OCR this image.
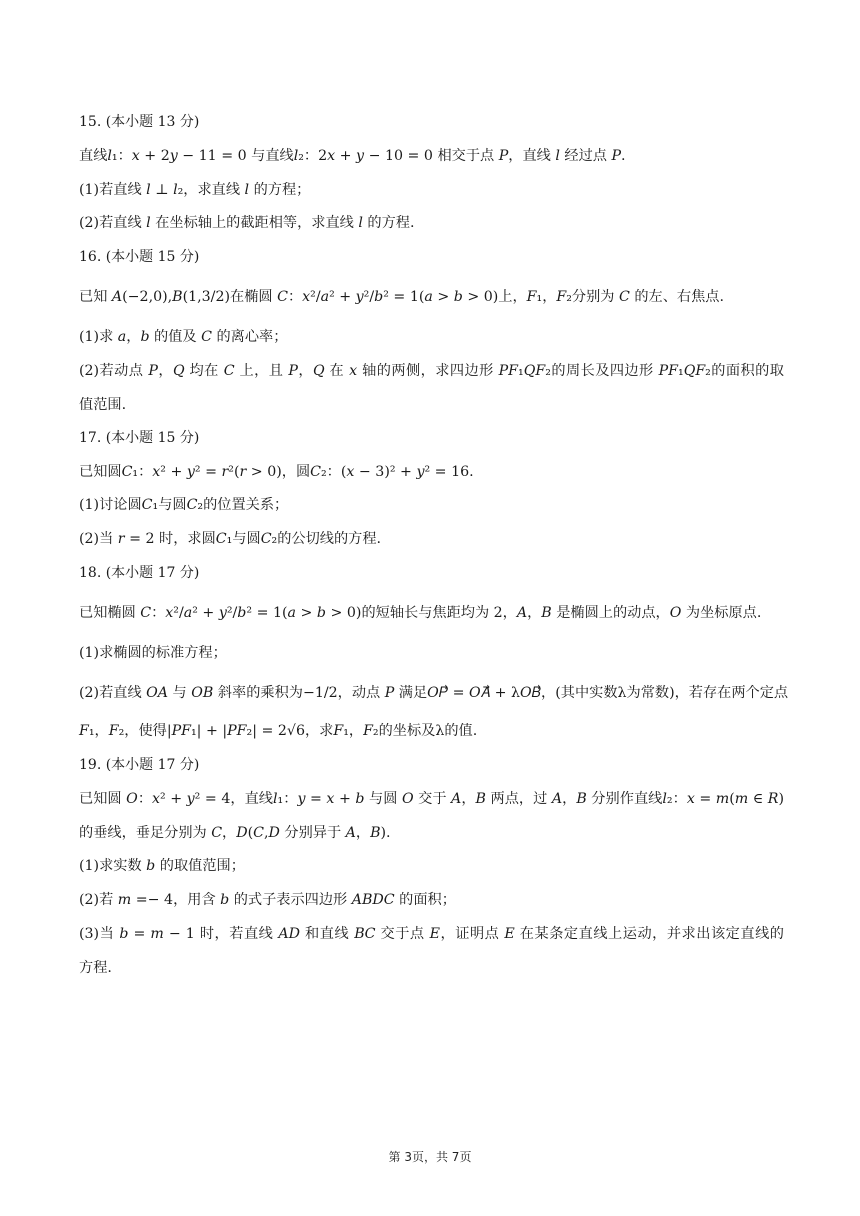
15. (本小题 13 分)
直线𝑙₁：𝑥 + 2𝑦 − 11 = 0 与直线𝑙₂：2𝑥 + 𝑦 − 10 = 0 相交于点 𝑃，直线 𝑙 经过点 𝑃.
(1)若直线 𝑙 ⊥ 𝑙₂，求直线 𝑙 的方程；
(2)若直线 𝑙 在坐标轴上的截距相等，求直线 𝑙 的方程.
16. (本小题 15 分)
已知 𝐴(−2,0),𝐵(1,3/2)在椭圆 𝐶：𝑥²/𝑎² + 𝑦²/𝑏² = 1(𝑎 > 𝑏 > 0)上，𝐹₁，𝐹₂分别为 𝐶 的左、右焦点.
(1)求 𝑎，𝑏 的值及 𝐶 的离心率；
(2)若动点 𝑃，𝑄 均在 𝐶 上，且 𝑃，𝑄 在 𝑥 轴的两侧，求四边形 𝑃𝐹₁𝑄𝐹₂的周长及四边形 𝑃𝐹₁𝑄𝐹₂的面积的取
值范围.
17. (本小题 15 分)
已知圆𝐶₁：𝑥² + 𝑦² = 𝑟²(𝑟 > 0)，圆𝐶₂：(𝑥 − 3)² + 𝑦² = 16.
(1)讨论圆𝐶₁与圆𝐶₂的位置关系；
(2)当 𝑟 = 2 时，求圆𝐶₁与圆𝐶₂的公切线的方程.
18. (本小题 17 分)
已知椭圆 𝐶：𝑥²/𝑎² + 𝑦²/𝑏² = 1(𝑎 > 𝑏 > 0)的短轴长与焦距均为 2，𝐴，𝐵 是椭圆上的动点，𝑂 为坐标原点.
(1)求椭圆的标准方程；
(2)若直线 𝑂𝐴 与 𝑂𝐵 斜率的乘积为−1/2，动点 𝑃 满足𝑂𝑃⃗ = 𝑂𝐴⃗ + λ𝑂𝐵⃗，(其中实数λ为常数)，若存在两个定点
𝐹₁，𝐹₂，使得|𝑃𝐹₁| + |𝑃𝐹₂| = 2√6，求𝐹₁，𝐹₂的坐标及λ的值.
19. (本小题 17 分)
已知圆 𝑂：𝑥² + 𝑦² = 4，直线𝑙₁：𝑦 = 𝑥 + 𝑏 与圆 𝑂 交于 𝐴，𝐵 两点，过 𝐴，𝐵 分别作直线𝑙₂：𝑥 = 𝑚(𝑚 ∈ 𝑅)
的垂线，垂足分别为 𝐶，𝐷(𝐶,𝐷 分别异于 𝐴，𝐵).
(1)求实数 𝑏 的取值范围；
(2)若 𝑚 =− 4，用含 𝑏 的式子表示四边形 𝐴𝐵𝐷𝐶 的面积；
(3)当 𝑏 = 𝑚 − 1 时，若直线 𝐴𝐷 和直线 𝐵𝐶 交于点 𝐸，证明点 𝐸 在某条定直线上运动，并求出该定直线的
方程.
第 3页，共 7页
